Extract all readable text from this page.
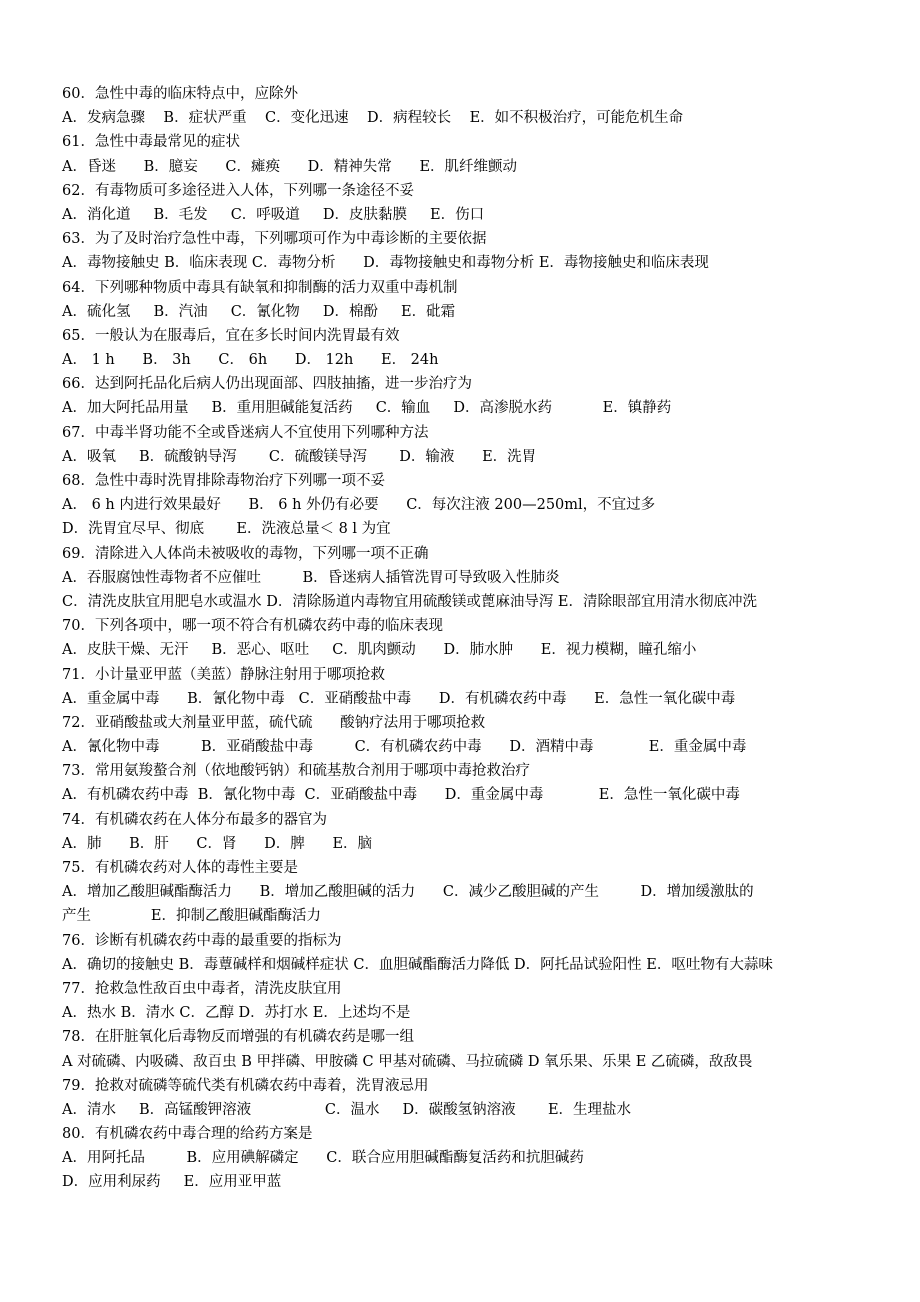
60．急性中毒的临床特点中，应除外
A．发病急骤    B．症状严重    C．变化迅速    D．病程较长    E．如不积极治疗，可能危机生命
61．急性中毒最常见的症状
A．昏迷      B．臆妄      C．瘫痪      D．精神失常      E．肌纤维颤动
62．有毒物质可多途径进入人体，下列哪一条途径不妥
A．消化道     B．毛发     C．呼吸道     D．皮肤黏膜     E．伤口
63．为了及时治疗急性中毒，下列哪项可作为中毒诊断的主要依据
A．毒物接触史 B．临床表现 C．毒物分析      D．毒物接触史和毒物分析 E．毒物接触史和临床表现
64．下列哪种物质中毒具有缺氧和抑制酶的活力双重中毒机制
A．硫化氢     B．汽油     C．氰化物     D．棉酚     E．砒霜
65．一般认为在服毒后，宜在多长时间内洗胃最有效
A． 1 h      B． 3h      C． 6h      D． 12h      E． 24h
66．达到阿托品化后病人仍出现面部、四肢抽搐，进一步治疗为
A．加大阿托品用量     B．重用胆碱能复活药     C．输血     D．高渗脱水药           E．镇静药
67．中毒半肾功能不全或昏迷病人不宜使用下列哪种方法
A．吸氧     B．硫酸钠导泻       C．硫酸镁导泻       D．输液      E．洗胃
68．急性中毒时洗胃排除毒物治疗下列哪一项不妥
A． 6 h 内进行效果最好      B． 6 h 外仍有必要      C．每次注液 200—250ml，不宜过多
D．洗胃宜尽早、彻底       E．洗液总量＜ 8 l 为宜
69．清除进入人体尚未被吸收的毒物，下列哪一项不正确
A．吞服腐蚀性毒物者不应催吐         B．昏迷病人插管洗胃可导致吸入性肺炎
C．清洗皮肤宜用肥皂水或温水 D．清除肠道内毒物宜用硫酸镁或蓖麻油导泻 E．清除眼部宜用清水彻底冲洗
70．下列各项中，哪一项不符合有机磷农药中毒的临床表现
A．皮肤干燥、无汗     B．恶心、呕吐     C．肌肉颤动      D．肺水肿      E．视力模糊，瞳孔缩小
71．小计量亚甲蓝（美蓝）静脉注射用于哪项抢救
A．重金属中毒      B．氰化物中毒   C．亚硝酸盐中毒      D．有机磷农药中毒      E．急性一氧化碳中毒
72．亚硝酸盐或大剂量亚甲蓝，硫代硫      酸钠疗法用于哪项抢救
A．氰化物中毒         B．亚硝酸盐中毒         C．有机磷农药中毒      D．酒精中毒            E．重金属中毒
73．常用氨羧螯合剂（依地酸钙钠）和硫基敖合剂用于哪项中毒抢救治疗
A．有机磷农药中毒  B．氰化物中毒  C．亚硝酸盐中毒      D．重金属中毒            E．急性一氧化碳中毒
74．有机磷农药在人体分布最多的器官为
A．肺      B．肝      C．肾      D．脾      E．脑
75．有机磷农药对人体的毒性主要是
A．增加乙酸胆碱酯酶活力      B．增加乙酸胆碱的活力      C．减少乙酸胆碱的产生         D．增加缓激肽的
产生             E．抑制乙酸胆碱酯酶活力
76．诊断有机磷农药中毒的最重要的指标为
A．确切的接触史 B．毒蕈碱样和烟碱样症状 C．血胆碱酯酶活力降低 D．阿托品试验阳性 E．呕吐物有大蒜味
77．抢救急性敌百虫中毒者，清洗皮肤宜用
A．热水 B．清水 C．乙醇 D．苏打水 E．上述均不是
78．在肝脏氧化后毒物反而增强的有机磷农药是哪一组
A 对硫磷、内吸磷、敌百虫 B 甲拌磷、甲胺磷 C 甲基对硫磷、马拉硫磷 D 氧乐果、乐果 E 乙硫磷，敌敌畏
79．抢救对硫磷等硫代类有机磷农药中毒着，洗胃液忌用
A．清水     B．高锰酸钾溶液                C．温水     D．碳酸氢钠溶液       E．生理盐水
80．有机磷农药中毒合理的给药方案是
A．用阿托品         B．应用碘解磷定      C．联合应用胆碱酯酶复活药和抗胆碱药
D．应用利尿药     E．应用亚甲蓝
